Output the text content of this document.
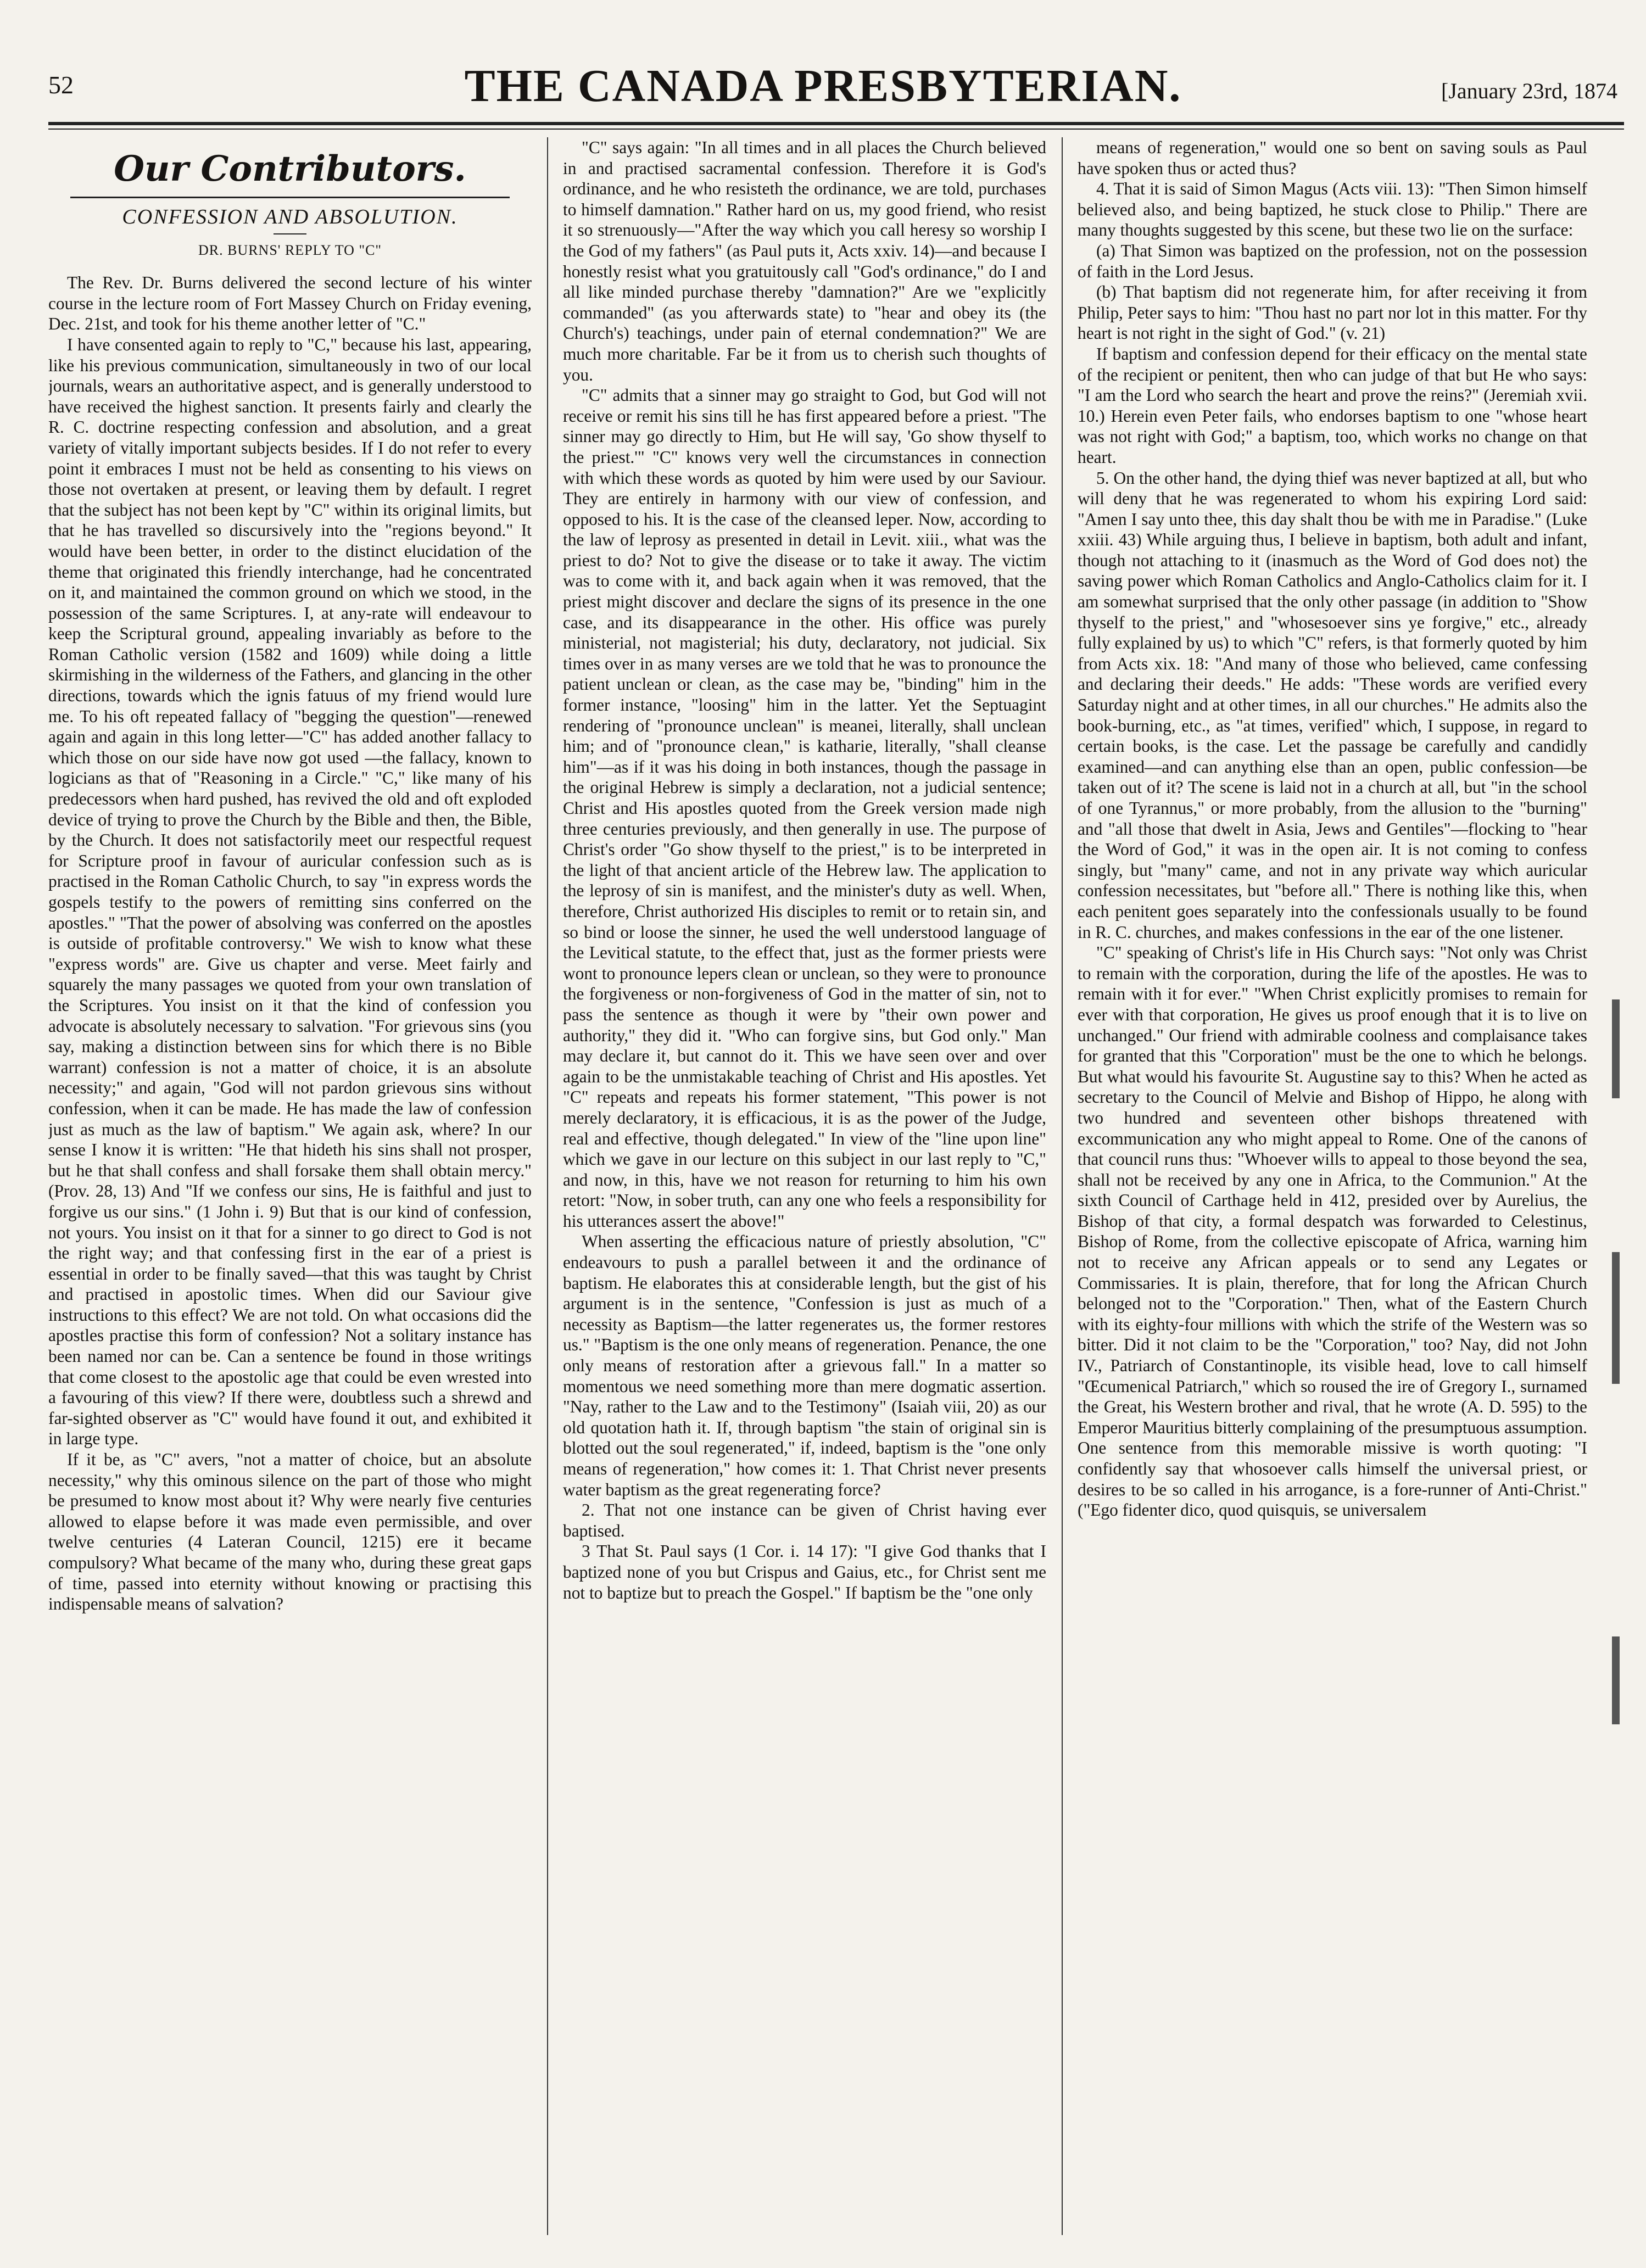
52	THE CANADA PRESBYTERIAN.	[January 23rd, 1874
Our Contributors.
CONFESSION AND ABSOLUTION.
DR. BURNS' REPLY TO "C"

The Rev. Dr. Burns delivered the second lecture of his winter course in the lecture room of Fort Massey Church on Friday evening, Dec. 21st, and took for his theme another letter of "C."

I have consented again to reply to "C," because his last, appearing, like his previous communication, simultaneously in two of our local journals, wears an authoritative aspect, and is generally understood to have received the highest sanction. It presents fairly and clearly the R. C. doctrine respecting confession and absolution, and a great variety of vitally important subjects besides. If I do not refer to every point it embraces I must not be held as consenting to his views on those not overtaken at present, or leaving them by default. I regret that the subject has not been kept by "C" within its original limits, but that he has travelled so discursively into the "regions beyond." It would have been better, in order to the distinct elucidation of the theme that originated this friendly interchange, had he concentrated on it, and maintained the common ground on which we stood, in the possession of the same Scriptures. I, at any-rate will endeavour to keep the Scriptural ground, appealing invariably as before to the Roman Catholic version (1582 and 1609) while doing a little skirmishing in the wilderness of the Fathers, and glancing in the other directions, towards which the ignis fatuus of my friend would lure me. To his oft repeated fallacy of "begging the question"—renewed again and again in this long letter—"C" has added another fallacy to which those on our side have now got used —the fallacy, known to logicians as that of "Reasoning in a Circle." "C," like many of his predecessors when hard pushed, has revived the old and oft exploded device of trying to prove the Church by the Bible and then, the Bible, by the Church. It does not satisfactorily meet our respectful request for Scripture proof in favour of auricular confession such as is practised in the Roman Catholic Church, to say "in express words the gospels testify to the powers of remitting sins conferred on the apostles." "That the power of absolving was conferred on the apostles is outside of profitable controversy." We wish to know what these "express words" are. Give us chapter and verse. Meet fairly and squarely the many passages we quoted from your own translation of the Scriptures. You insist on it that the kind of confession you advocate is absolutely necessary to salvation. "For grievous sins (you say, making a distinction between sins for which there is no Bible warrant) confession is not a matter of choice, it is an absolute necessity;" and again, "God will not pardon grievous sins without confession, when it can be made. He has made the law of confession just as much as the law of baptism." We again ask, where? In our sense I know it is written: "He that hideth his sins shall not prosper, but he that shall confess and shall forsake them shall obtain mercy." (Prov. 28, 13) And "If we confess our sins, He is faithful and just to forgive us our sins." (1 John i. 9) But that is our kind of confession, not yours. You insist on it that for a sinner to go direct to God is not the right way; and that confessing first in the ear of a priest is essential in order to be finally saved—that this was taught by Christ and practised in apostolic times. When did our Saviour give instructions to this effect? We are not told. On what occasions did the apostles practise this form of confession? Not a solitary instance has been named nor can be. Can a sentence be found in those writings that come closest to the apostolic age that could be even wrested into a favouring of this view? If there were, doubtless such a shrewd and far-sighted observer as "C" would have found it out, and exhibited it in large type.

If it be, as "C" avers, "not a matter of choice, but an absolute necessity," why this ominous silence on the part of those who might be presumed to know most about it? Why were nearly five centuries allowed to elapse before it was made even permissible, and over twelve centuries (4 Lateran Council, 1215) ere it became compulsory? What became of the many who, during these great gaps of time, passed into eternity without knowing or practising this indispensable means of salvation?

"C" says again: "In all times and in all places the Church believed in and practised sacramental confession. Therefore it is God's ordinance, and he who resisteth the ordinance, we are told, purchases to himself damnation." Rather hard on us, my good friend, who resist it so strenuously—"After the way which you call heresy so worship I the God of my fathers" (as Paul puts it, Acts xxiv. 14)—and because I honestly resist what you gratuitously call "God's ordinance," do I and all like minded purchase thereby "damnation?" Are we "explicitly commanded" (as you afterwards state) to "hear and obey its (the Church's) teachings, under pain of eternal condemnation?" We are much more charitable. Far be it from us to cherish such thoughts of you.

"C" admits that a sinner may go straight to God, but God will not receive or remit his sins till he has first appeared before a priest. "The sinner may go directly to Him, but He will say, 'Go show thyself to the priest.'" "C" knows very well the circumstances in connection with which these words as quoted by him were used by our Saviour. They are entirely in harmony with our view of confession, and opposed to his. It is the case of the cleansed leper. Now, according to the law of leprosy as presented in detail in Levit. xiii., what was the priest to do? Not to give the disease or to take it away. The victim was to come with it, and back again when it was removed, that the priest might discover and declare the signs of its presence in the one case, and its disappearance in the other. His office was purely ministerial, not magisterial; his duty, declaratory, not judicial. Six times over in as many verses are we told that he was to pronounce the patient unclean or clean, as the case may be, "binding" him in the former instance, "loosing" him in the latter. Yet the Septuagint rendering of "pronounce unclean" is meanei, literally, shall unclean him; and of "pronounce clean," is katharie, literally, "shall cleanse him"—as if it was his doing in both instances, though the passage in the original Hebrew is simply a declaration, not a judicial sentence; Christ and His apostles quoted from the Greek version made nigh three centuries previously, and then generally in use. The purpose of Christ's order "Go show thyself to the priest," is to be interpreted in the light of that ancient article of the Hebrew law. The application to the leprosy of sin is manifest, and the minister's duty as well. When, therefore, Christ authorized His disciples to remit or to retain sin, and so bind or loose the sinner, he used the well understood language of the Levitical statute, to the effect that, just as the former priests were wont to pronounce lepers clean or unclean, so they were to pronounce the forgiveness or non-forgiveness of God in the matter of sin, not to pass the sentence as though it were by "their own power and authority," they did it. "Who can forgive sins, but God only." Man may declare it, but cannot do it. This we have seen over and over again to be the unmistakable teaching of Christ and His apostles. Yet "C" repeats and repeats his former statement, "This power is not merely declaratory, it is efficacious, it is as the power of the Judge, real and effective, though delegated." In view of the "line upon line" which we gave in our lecture on this subject in our last reply to "C," and now, in this, have we not reason for returning to him his own retort: "Now, in sober truth, can any one who feels a responsibility for his utterances assert the above!"

When asserting the efficacious nature of priestly absolution, "C" endeavours to push a parallel between it and the ordinance of baptism. He elaborates this at considerable length, but the gist of his argument is in the sentence, "Confession is just as much of a necessity as Baptism—the latter regenerates us, the former restores us." "Baptism is the one only means of regeneration. Penance, the one only means of restoration after a grievous fall." In a matter so momentous we need something more than mere dogmatic assertion. "Nay, rather to the Law and to the Testimony" (Isaiah viii, 20) as our old quotation hath it. If, through baptism "the stain of original sin is blotted out the soul regenerated," if, indeed, baptism is the "one only means of regeneration," how comes it: 1. That Christ never presents water baptism as the great regenerating force?

2. That not one instance can be given of Christ having ever baptised.

3 That St. Paul says (1 Cor. i. 14 17): "I give God thanks that I baptized none of you but Crispus and Gaius, etc., for Christ sent me not to baptize but to preach the Gospel." If baptism be the "one only

means of regeneration," would one so bent on saving souls as Paul have spoken thus or acted thus?

4. That it is said of Simon Magus (Acts viii. 13): "Then Simon himself believed also, and being baptized, he stuck close to Philip." There are many thoughts suggested by this scene, but these two lie on the surface:

(a) That Simon was baptized on the profession, not on the possession of faith in the Lord Jesus.

(b) That baptism did not regenerate him, for after receiving it from Philip, Peter says to him: "Thou hast no part nor lot in this matter. For thy heart is not right in the sight of God." (v. 21)

If baptism and confession depend for their efficacy on the mental state of the recipient or penitent, then who can judge of that but He who says: "I am the Lord who search the heart and prove the reins?" (Jeremiah xvii. 10.) Herein even Peter fails, who endorses baptism to one "whose heart was not right with God;" a baptism, too, which works no change on that heart.

5. On the other hand, the dying thief was never baptized at all, but who will deny that he was regenerated to whom his expiring Lord said: "Amen I say unto thee, this day shalt thou be with me in Paradise." (Luke xxiii. 43) While arguing thus, I believe in baptism, both adult and infant, though not attaching to it (inasmuch as the Word of God does not) the saving power which Roman Catholics and Anglo-Catholics claim for it. I am somewhat surprised that the only other passage (in addition to "Show thyself to the priest," and "whosesoever sins ye forgive," etc., already fully explained by us) to which "C" refers, is that formerly quoted by him from Acts xix. 18: "And many of those who believed, came confessing and declaring their deeds." He adds: "These words are verified every Saturday night and at other times, in all our churches." He admits also the book-burning, etc., as "at times, verified" which, I suppose, in regard to certain books, is the case. Let the passage be carefully and candidly examined—and can anything else than an open, public confession—be taken out of it? The scene is laid not in a church at all, but "in the school of one Tyrannus," or more probably, from the allusion to the "burning" and "all those that dwelt in Asia, Jews and Gentiles"—flocking to "hear the Word of God," it was in the open air. It is not coming to confess singly, but "many" came, and not in any private way which auricular confession necessitates, but "before all." There is nothing like this, when each penitent goes separately into the confessionals usually to be found in R. C. churches, and makes confessions in the ear of the one listener.

"C" speaking of Christ's life in His Church says: "Not only was Christ to remain with the corporation, during the life of the apostles. He was to remain with it for ever." "When Christ explicitly promises to remain for ever with that corporation, He gives us proof enough that it is to live on unchanged." Our friend with admirable coolness and complaisance takes for granted that this "Corporation" must be the one to which he belongs. But what would his favourite St. Augustine say to this? When he acted as secretary to the Council of Melvie and Bishop of Hippo, he along with two hundred and seventeen other bishops threatened with excommunication any who might appeal to Rome. One of the canons of that council runs thus: "Whoever wills to appeal to those beyond the sea, shall not be received by any one in Africa, to the Communion." At the sixth Council of Carthage held in 412, presided over by Aurelius, the Bishop of that city, a formal despatch was forwarded to Celestinus, Bishop of Rome, from the collective episcopate of Africa, warning him not to receive any African appeals or to send any Legates or Commissaries. It is plain, therefore, that for long the African Church belonged not to the "Corporation." Then, what of the Eastern Church with its eighty-four millions with which the strife of the Western was so bitter. Did it not claim to be the "Corporation," too? Nay, did not John IV., Patriarch of Constantinople, its visible head, love to call himself "Œcumenical Patriarch," which so roused the ire of Gregory I., surnamed the Great, his Western brother and rival, that he wrote (A. D. 595) to the Emperor Mauritius bitterly complaining of the presumptuous assumption. One sentence from this memorable missive is worth quoting: "I confidently say that whosoever calls himself the universal priest, or desires to be so called in his arrogance, is a fore-runner of Anti-Christ." ("Ego fidenter dico, quod quisquis, se universalem
